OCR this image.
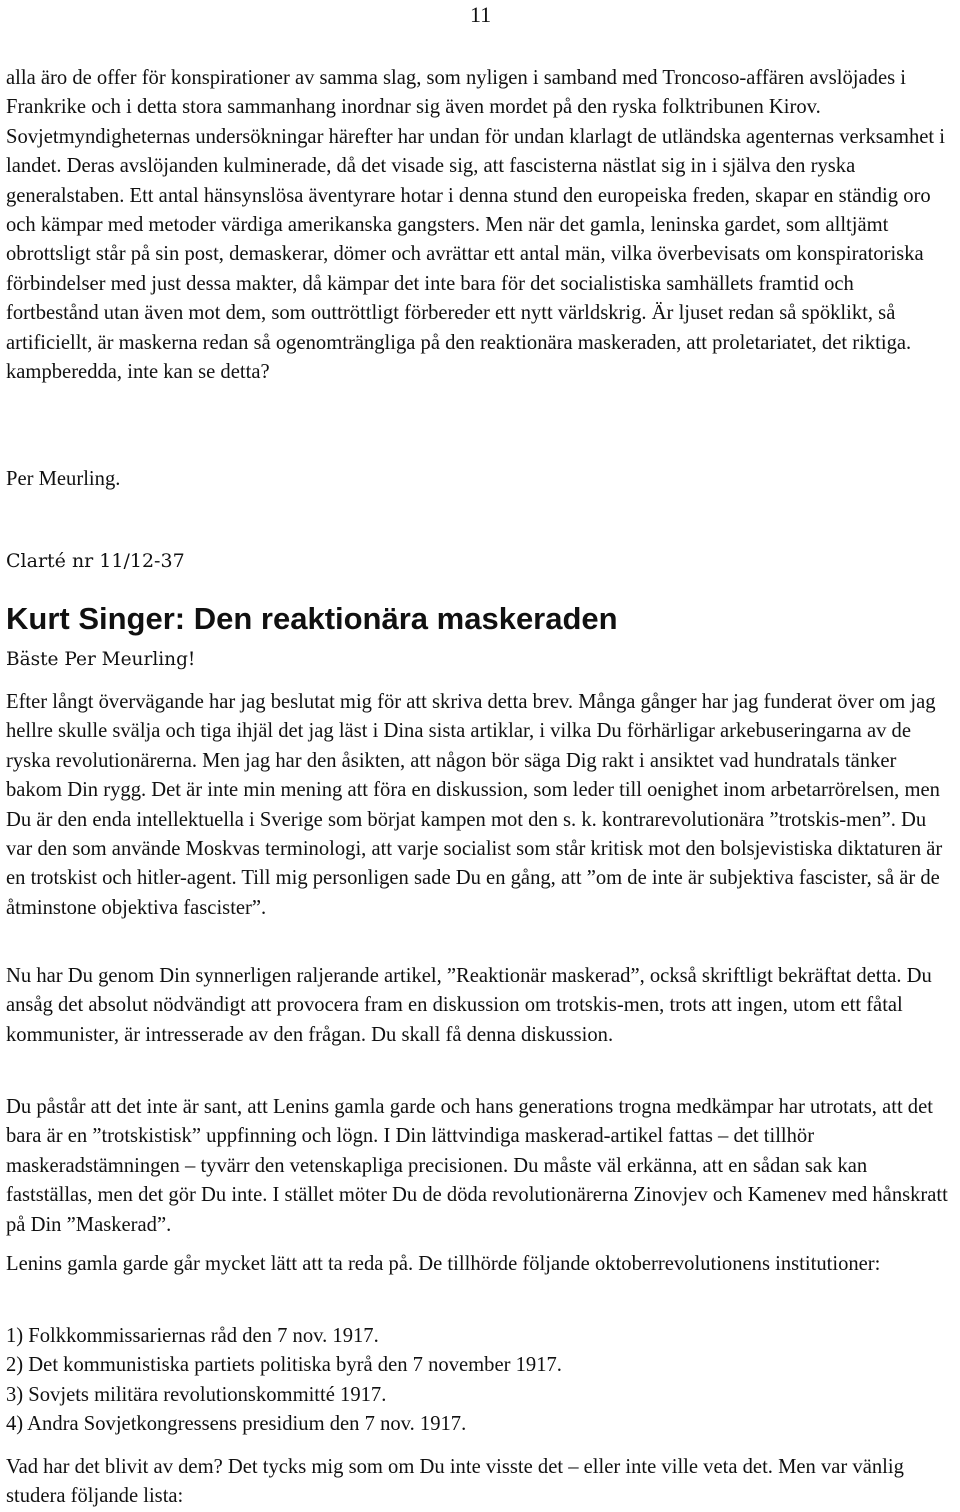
11

alla äro de offer för konspirationer av samma slag, som nyligen i samband med Troncoso-affären avslöjades i Frankrike och i detta stora sammanhang inordnar sig även mordet på den ryska folktribunen Kirov. Sovjetmyndigheternas undersökningar härefter har undan för undan klarlagt de utländska agenternas verksamhet i landet. Deras avslöjanden kulminerade, då det visade sig, att fascisterna nästlat sig in i själva den ryska generalstaben. Ett antal hänsynslösa äventyrare hotar i denna stund den europeiska freden, skapar en ständig oro och kämpar med metoder värdiga amerikanska gangsters. Men när det gamla, leninska gardet, som alltjämt obrottsligt står på sin post, demaskerar, dömer och avrättar ett antal män, vilka överbevisats om konspiratoriska förbindelser med just dessa makter, då kämpar det inte bara för det socialistiska samhällets framtid och fortbestånd utan även mot dem, som outtröttligt förbereder ett nytt världskrig. Är ljuset redan så spöklikt, så artificiellt, är maskerna redan så ogenomträngliga på den reaktionära maskeraden, att proletariatet, det riktiga. kampberedda, inte kan se detta?

Per Meurling.

Clarté nr 11/12-37

Kurt Singer: Den reaktionära maskeraden

Bäste Per Meurling!

Efter långt övervägande har jag beslutat mig för att skriva detta brev. Många gånger har jag funderat över om jag hellre skulle svälja och tiga ihjäl det jag läst i Dina sista artiklar, i vilka Du förhärligar arkebuseringarna av de ryska revolutionärerna. Men jag har den åsikten, att någon bör säga Dig rakt i ansiktet vad hundratals tänker bakom Din rygg. Det är inte min mening att föra en diskussion, som leder till oenighet inom arbetarrörelsen, men Du är den enda intellektuella i Sverige som börjat kampen mot den s. k. kontrarevolutionära ”trotskis-men”. Du var den som använde Moskvas terminologi, att varje socialist som står kritisk mot den bolsjevistiska diktaturen är en trotskist och hitler-agent. Till mig personligen sade Du en gång, att ”om de inte är subjektiva fascister, så är de åtminstone objektiva fascister”.

Nu har Du genom Din synnerligen raljerande artikel, ”Reaktionär maskerad”, också skriftligt bekräftat detta. Du ansåg det absolut nödvändigt att provocera fram en diskussion om trotskis-men, trots att ingen, utom ett fåtal kommunister, är intresserade av den frågan. Du skall få denna diskussion.

Du påstår att det inte är sant, att Lenins gamla garde och hans generations trogna medkämpar har utrotats, att det bara är en ”trotskistisk” uppfinning och lögn. I Din lättvindiga maskerad-artikel fattas – det tillhör maskeradstämningen – tyvärr den vetenskapliga precisionen. Du måste väl erkänna, att en sådan sak kan fastställas, men det gör Du inte. I stället möter Du de döda revolutionärerna Zinovjev och Kamenev med hånskratt på Din ”Maskerad”.

Lenins gamla garde går mycket lätt att ta reda på. De tillhörde följande oktoberrevolutionens institutioner:

1) Folkkommissariernas råd den 7 nov. 1917.
2) Det kommunistiska partiets politiska byrå den 7 november 1917.
3) Sovjets militära revolutionskommitté 1917.
4) Andra Sovjetkongressens presidium den 7 nov. 1917.

Vad har det blivit av dem? Det tycks mig som om Du inte visste det – eller inte ville veta det. Men var vänlig studera följande lista:
